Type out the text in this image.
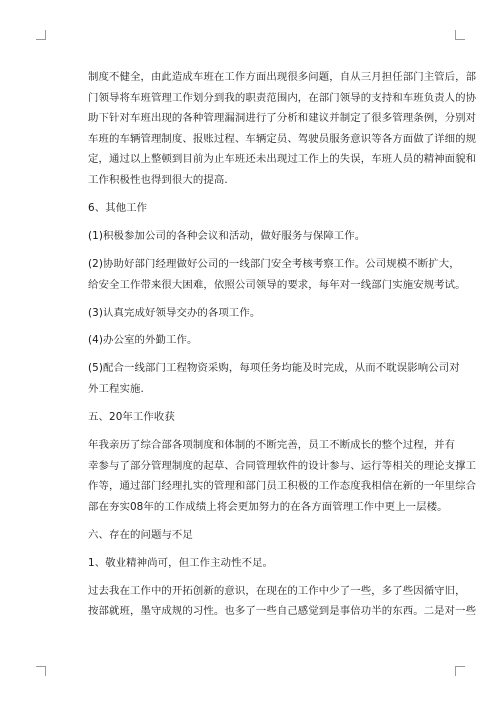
制度不健全，由此造成车班在工作方面出现很多问题，自从三月担任部门主管后，部
门领导将车班管理工作划分到我的职责范围内，在部门领导的支持和车班负责人的协
助下针对车班出现的各种管理漏洞进行了分析和建议并制定了很多管理条例，分别对
车班的车辆管理制度、报账过程、车辆定员、驾驶员服务意识等各方面做了详细的规
定，通过以上整顿到目前为止车班还未出现过工作上的失误，车班人员的精神面貌和
工作积极性也得到很大的提高.
6、其他工作
(1)积极参加公司的各种会议和活动，做好服务与保障工作。
(2)协助好部门经理做好公司的一线部门安全考核考察工作。公司规模不断扩大，
给安全工作带来很大困难，依照公司领导的要求，每年对一线部门实施安规考试。
(3)认真完成好领导交办的各项工作。
(4)办公室的外勤工作。
(5)配合一线部门工程物资采购，每项任务均能及时完成，从而不耽误影响公司对
外工程实施.
五、20年工作收获
年我亲历了综合部各项制度和体制的不断完善，员工不断成长的整个过程，并有
幸参与了部分管理制度的起草、合同管理软件的设计参与、运行等相关的理论支撑工
作等，通过部门经理扎实的管理和部门员工积极的工作态度我相信在新的一年里综合
部在夯实08年的工作成绩上将会更加努力的在各方面管理工作中更上一层楼。
六、存在的问题与不足
1、敬业精神尚可，但工作主动性不足。
过去我在工作中的开拓创新的意识，在现在的工作中少了一些，多了些因循守旧，
按部就班，墨守成规的习性。也多了一些自己感觉到是事倍功半的东西。二是对一些
